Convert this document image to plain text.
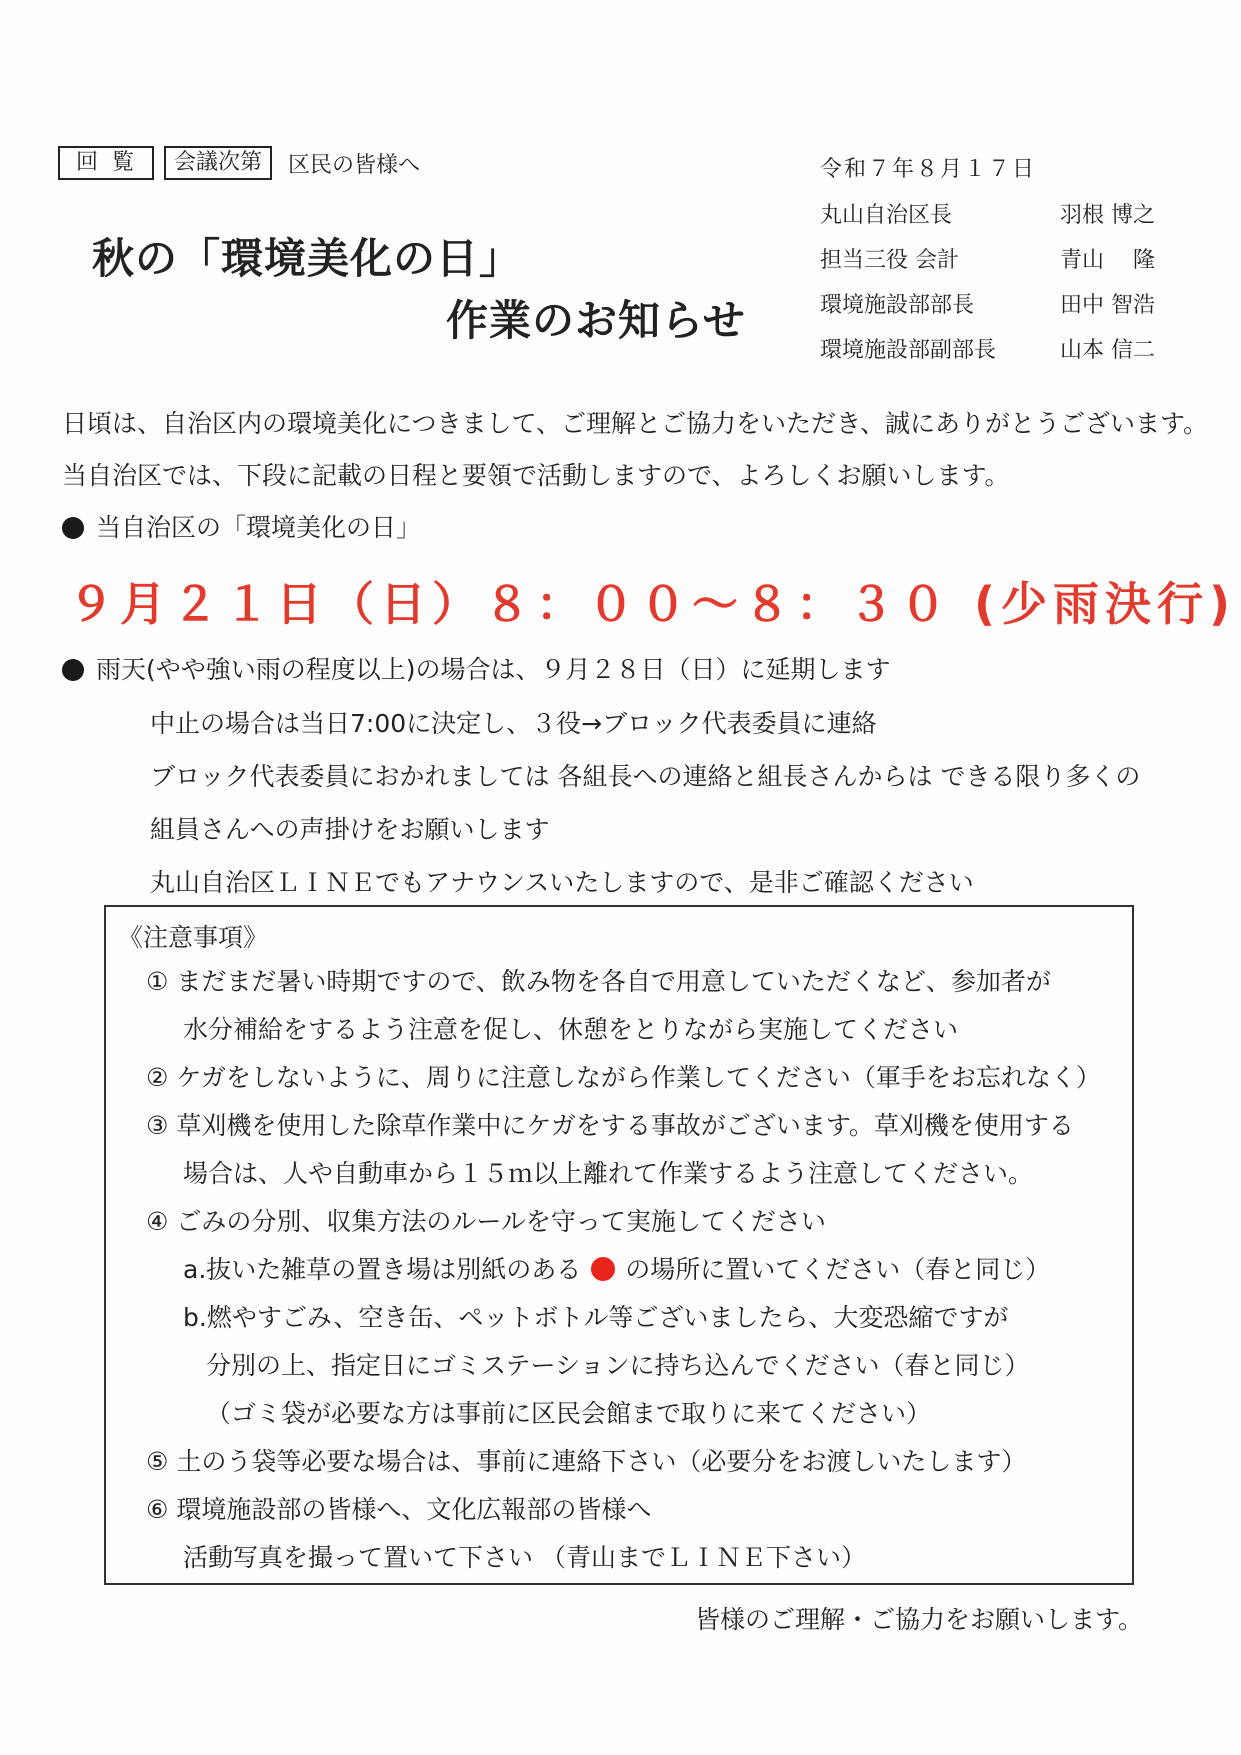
回覧	会議次第	区民の皆様へ
秋の「環境美化の日」
作業のお知らせ
令和７年８月１７日
丸山自治区長	羽根 博之
担当三役 会計	青山　 隆
環境施設部部長	田中 智浩
環境施設部副部長	山本 信二
日頃は、自治区内の環境美化につきまして、ご理解とご協力をいただき、誠にありがとうございます。
当自治区では、下段に記載の日程と要領で活動しますので、よろしくお願いします。
当自治区の「環境美化の日」
９月２１日（日）８：００～８：３０ (少雨決行)
雨天(やや強い雨の程度以上)の場合は、９月２８日（日）に延期します
中止の場合は当日7:00に決定し、３役→ブロック代表委員に連絡
ブロック代表委員におかれましては 各組長への連絡と組長さんからは できる限り多くの
組員さんへの声掛けをお願いします
丸山自治区ＬＩＮＥでもアナウンスいたしますので、是非ご確認ください
《注意事項》
① まだまだ暑い時期ですので、飲み物を各自で用意していただくなど、参加者が
水分補給をするよう注意を促し、休憩をとりながら実施してください
② ケガをしないように、周りに注意しながら作業してください（軍手をお忘れなく）
③ 草刈機を使用した除草作業中にケガをする事故がございます。草刈機を使用する
場合は、人や自動車から１５ｍ以上離れて作業するよう注意してください。
④ ごみの分別、収集方法のルールを守って実施してください
a.抜いた雑草の置き場は別紙のある の場所に置いてください（春と同じ）
b.燃やすごみ、空き缶、ペットボトル等ございましたら、大変恐縮ですが
分別の上、指定日にゴミステーションに持ち込んでください（春と同じ）
（ゴミ袋が必要な方は事前に区民会館まで取りに来てください）
⑤ 土のう袋等必要な場合は、事前に連絡下さい（必要分をお渡しいたします）
⑥ 環境施設部の皆様へ、文化広報部の皆様へ
活動写真を撮って置いて下さい （青山までＬＩＮＥ下さい）
皆様のご理解・ご協力をお願いします。
